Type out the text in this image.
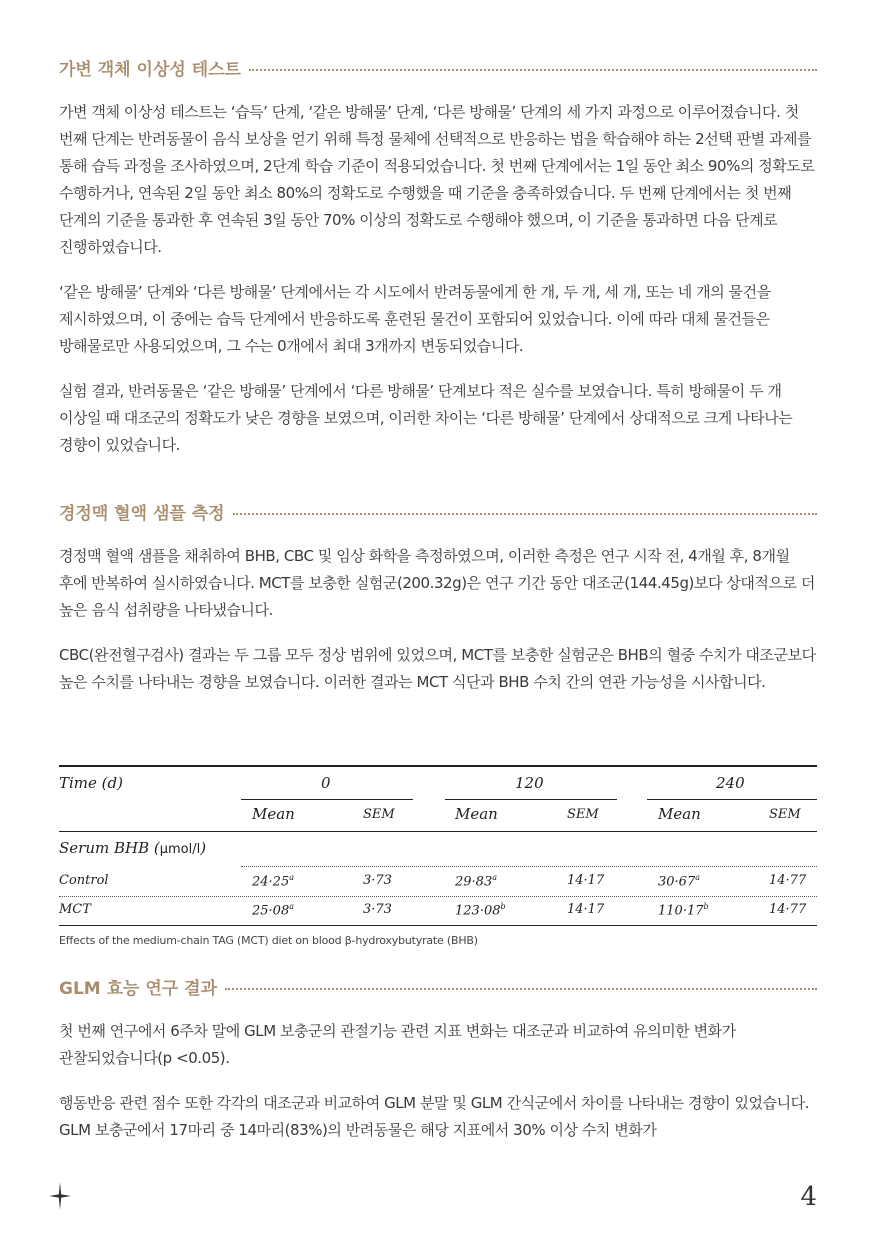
가변 객체 이상성 테스트

가변 객체 이상성 테스트는 ‘습득’ 단계, ‘같은 방해물’ 단계, ‘다른 방해물’ 단계의 세 가지 과정으로 이루어졌습니다. 첫 번째 단계는 반려동물이 음식 보상을 얻기 위해 특정 물체에 선택적으로 반응하는 법을 학습해야 하는 2선택 판별 과제를 통해 습득 과정을 조사하였으며, 2단계 학습 기준이 적용되었습니다. 첫 번째 단계에서는 1일 동안 최소 90%의 정확도로 수행하거나, 연속된 2일 동안 최소 80%의 정확도로 수행했을 때 기준을 충족하였습니다. 두 번째 단계에서는 첫 번째 단계의 기준을 통과한 후 연속된 3일 동안 70% 이상의 정확도로 수행해야 했으며, 이 기준을 통과하면 다음 단계로 진행하였습니다.

‘같은 방해물’ 단계와 ‘다른 방해물’ 단계에서는 각 시도에서 반려동물에게 한 개, 두 개, 세 개, 또는 네 개의 물건을 제시하였으며, 이 중에는 습득 단계에서 반응하도록 훈련된 물건이 포함되어 있었습니다. 이에 따라 대체 물건들은 방해물로만 사용되었으며, 그 수는 0개에서 최대 3개까지 변동되었습니다.

실험 결과, 반려동물은 ‘같은 방해물’ 단계에서 ‘다른 방해물’ 단계보다 적은 실수를 보였습니다. 특히 방해물이 두 개 이상일 때 대조군의 정확도가 낮은 경향을 보였으며, 이러한 차이는 ‘다른 방해물’ 단계에서 상대적으로 크게 나타나는 경향이 있었습니다.

경정맥 혈액 샘플 측정

경정맥 혈액 샘플을 채취하여 BHB, CBC 및 임상 화학을 측정하였으며, 이러한 측정은 연구 시작 전, 4개월 후, 8개월 후에 반복하여 실시하였습니다. MCT를 보충한 실험군(200.32g)은 연구 기간 동안 대조군(144.45g)보다 상대적으로 더 높은 음식 섭취량을 나타냈습니다.

CBC(완전혈구검사) 결과는 두 그룹 모두 정상 범위에 있었으며, MCT를 보충한 실험군은 BHB의 혈중 수치가 대조군보다 높은 수치를 나타내는 경향을 보였습니다. 이러한 결과는 MCT 식단과 BHB 수치 간의 연관 가능성을 시사합니다.

Time (d)	0	120	240
Mean	SEM	Mean	SEM	Mean	SEM
Serum BHB (μmol/l)
Control	$24\cdot 25^a$	3·73	$29\cdot 83^a$	14·17	$30\cdot 67^a$	14·77
MCT	$25\cdot 08^a$	3·73	$123\cdot 08^b$	14·17	$110\cdot 17^b$	14·77
Effects of the medium-chain TAG (MCT) diet on blood β-hydroxybutyrate (BHB)
GLM 효능 연구 결과

첫 번째 연구에서 6주차 말에 GLM 보충군의 관절기능 관련 지표 변화는 대조군과 비교하여 유의미한 변화가 관찰되었습니다(p <0.05).

행동반응 관련 점수 또한 각각의 대조군과 비교하여 GLM 분말 및 GLM 간식군에서 차이를 나타내는 경향이 있었습니다. GLM 보충군에서 17마리 중 14마리(83%)의 반려동물은 해당 지표에서 30% 이상 수치 변화가

4
